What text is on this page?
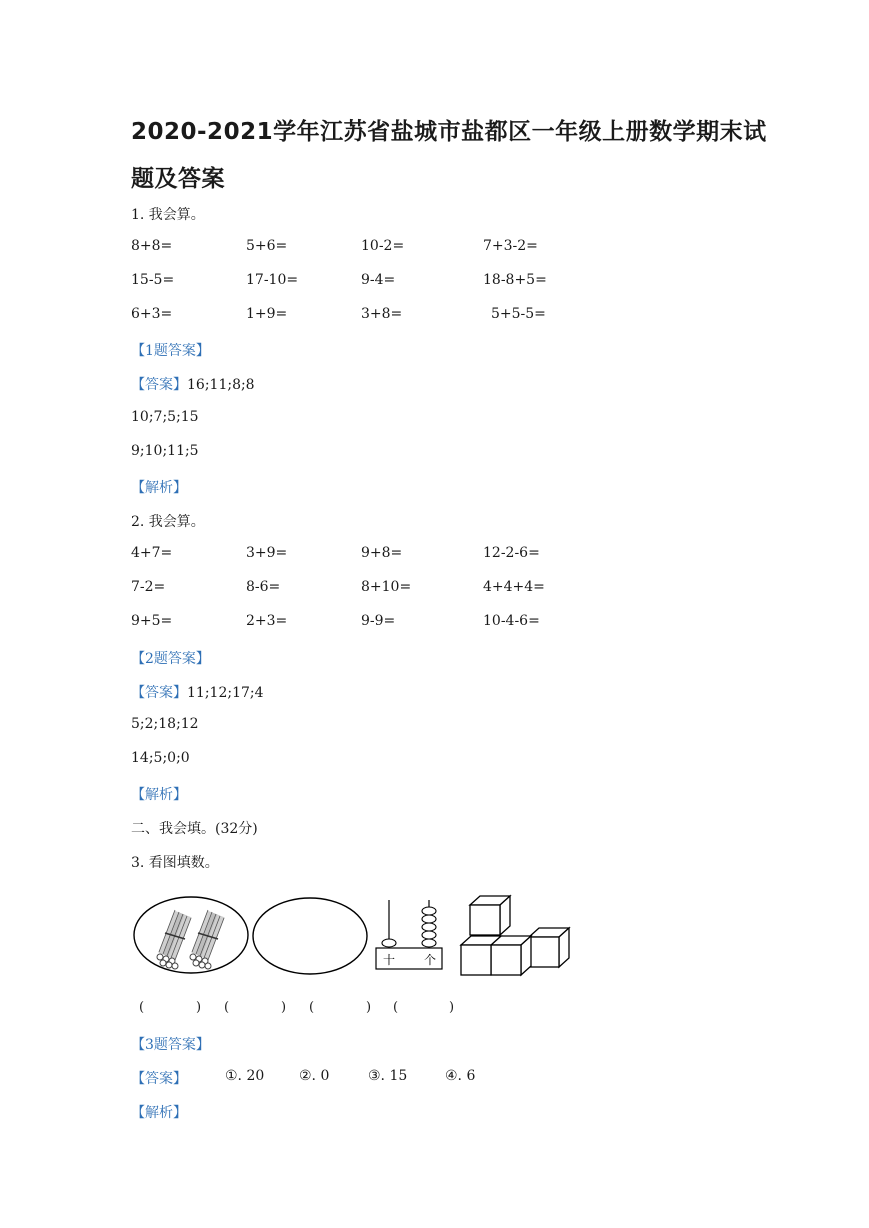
2020-2021学年江苏省盐城市盐都区一年级上册数学期末试
题及答案
1. 我会算。
8+8=	5+6=	10-2=	7+3-2=
15-5=	17-10=	9-4=	18-8+5=
6+3=	1+9=	3+8=	5+5-5=
【1题答案】
【答案】16;11;8;8
10;7;5;15
9;10;11;5
【解析】
2. 我会算。
4+7=	3+9=	9+8=	12-2-6=
7-2=	8-6=	8+10=	4+4+4=
9+5=	2+3=	9-9=	10-4-6=
【2题答案】
【答案】11;12;17;4
5;2;18;12
14;5;0;0
【解析】
二、我会填。(32分)
3. 看图填数。
十 个
(	) (	) (	) (	)
【3题答案】
【答案】	①. 20 ②. 0	③. 15	④. 6
【解析】
